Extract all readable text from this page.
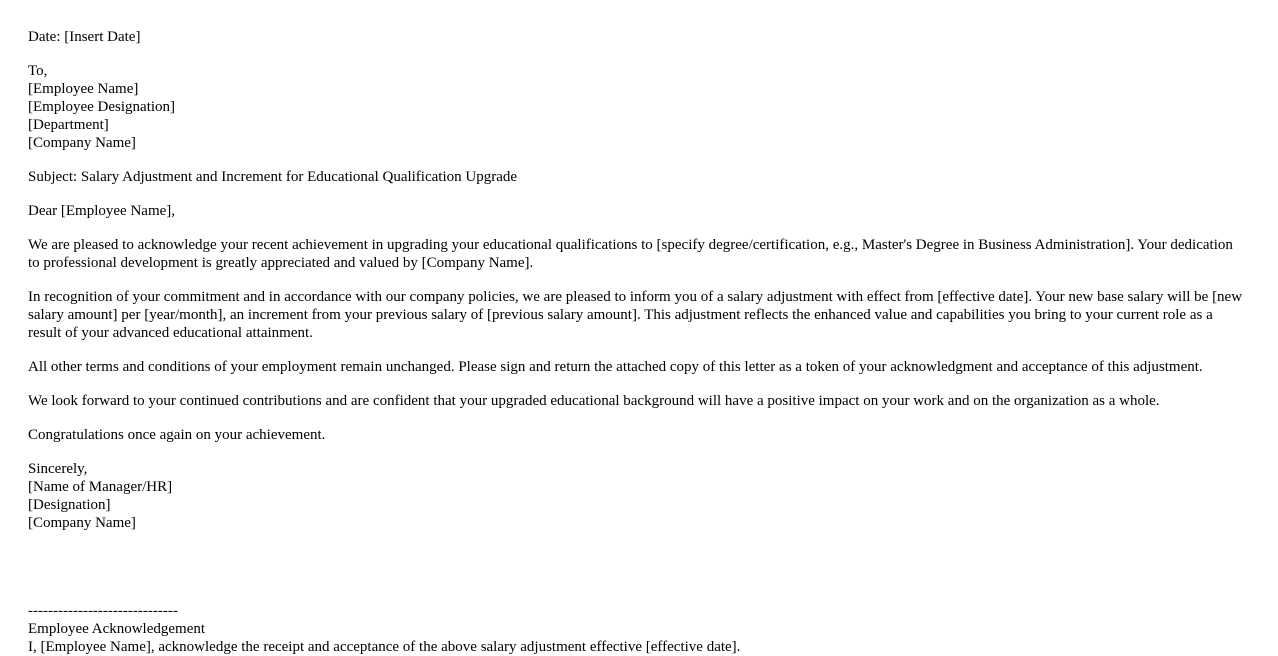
Date: [Insert Date]
To,
[Employee Name]
[Employee Designation]
[Department]
[Company Name]
Subject: Salary Adjustment and Increment for Educational Qualification Upgrade
Dear [Employee Name],

We are pleased to acknowledge your recent achievement in upgrading your educational qualifications to [specify degree/certification, e.g., Master's Degree in Business Administration]. Your dedication to professional development is greatly appreciated and valued by [Company Name].

In recognition of your commitment and in accordance with our company policies, we are pleased to inform you of a salary adjustment with effect from [effective date]. Your new base salary will be [new salary amount] per [year/month], an increment from your previous salary of [previous salary amount]. This adjustment reflects the enhanced value and capabilities you bring to your current role as a result of your advanced educational attainment.

All other terms and conditions of your employment remain unchanged. Please sign and return the attached copy of this letter as a token of your acknowledgment and acceptance of this adjustment.

We look forward to your continued contributions and are confident that your upgraded educational background will have a positive impact on your work and on the organization as a whole.

Congratulations once again on your achievement.

Sincerely,
[Name of Manager/HR]
[Designation]
[Company Name]
------------------------------
Employee Acknowledgement
I, [Employee Name], acknowledge the receipt and acceptance of the above salary adjustment effective [effective date].
